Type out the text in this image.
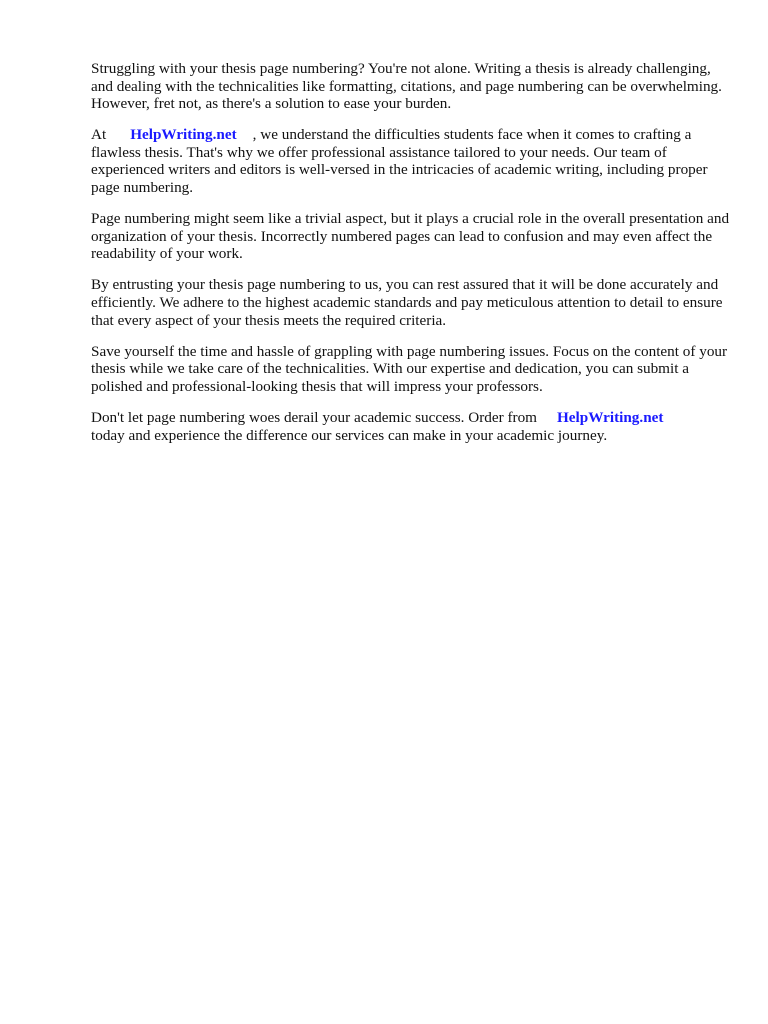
Struggling with your thesis page numbering? You're not alone. Writing a thesis is already challenging, and dealing with the technicalities like formatting, citations, and page numbering can be overwhelming. However, fret not, as there's a solution to ease your burden.

At HelpWriting.net , we understand the difficulties students face when it comes to crafting a flawless thesis. That's why we offer professional assistance tailored to your needs. Our team of experienced writers and editors is well-versed in the intricacies of academic writing, including proper page numbering.

Page numbering might seem like a trivial aspect, but it plays a crucial role in the overall presentation and organization of your thesis. Incorrectly numbered pages can lead to confusion and may even affect the readability of your work.

By entrusting your thesis page numbering to us, you can rest assured that it will be done accurately and efficiently. We adhere to the highest academic standards and pay meticulous attention to detail to ensure that every aspect of your thesis meets the required criteria.

Save yourself the time and hassle of grappling with page numbering issues. Focus on the content of your thesis while we take care of the technicalities. With our expertise and dedication, you can submit a polished and professional-looking thesis that will impress your professors.

Don't let page numbering woes derail your academic success. Order from HelpWriting.net
today and experience the difference our services can make in your academic journey.
